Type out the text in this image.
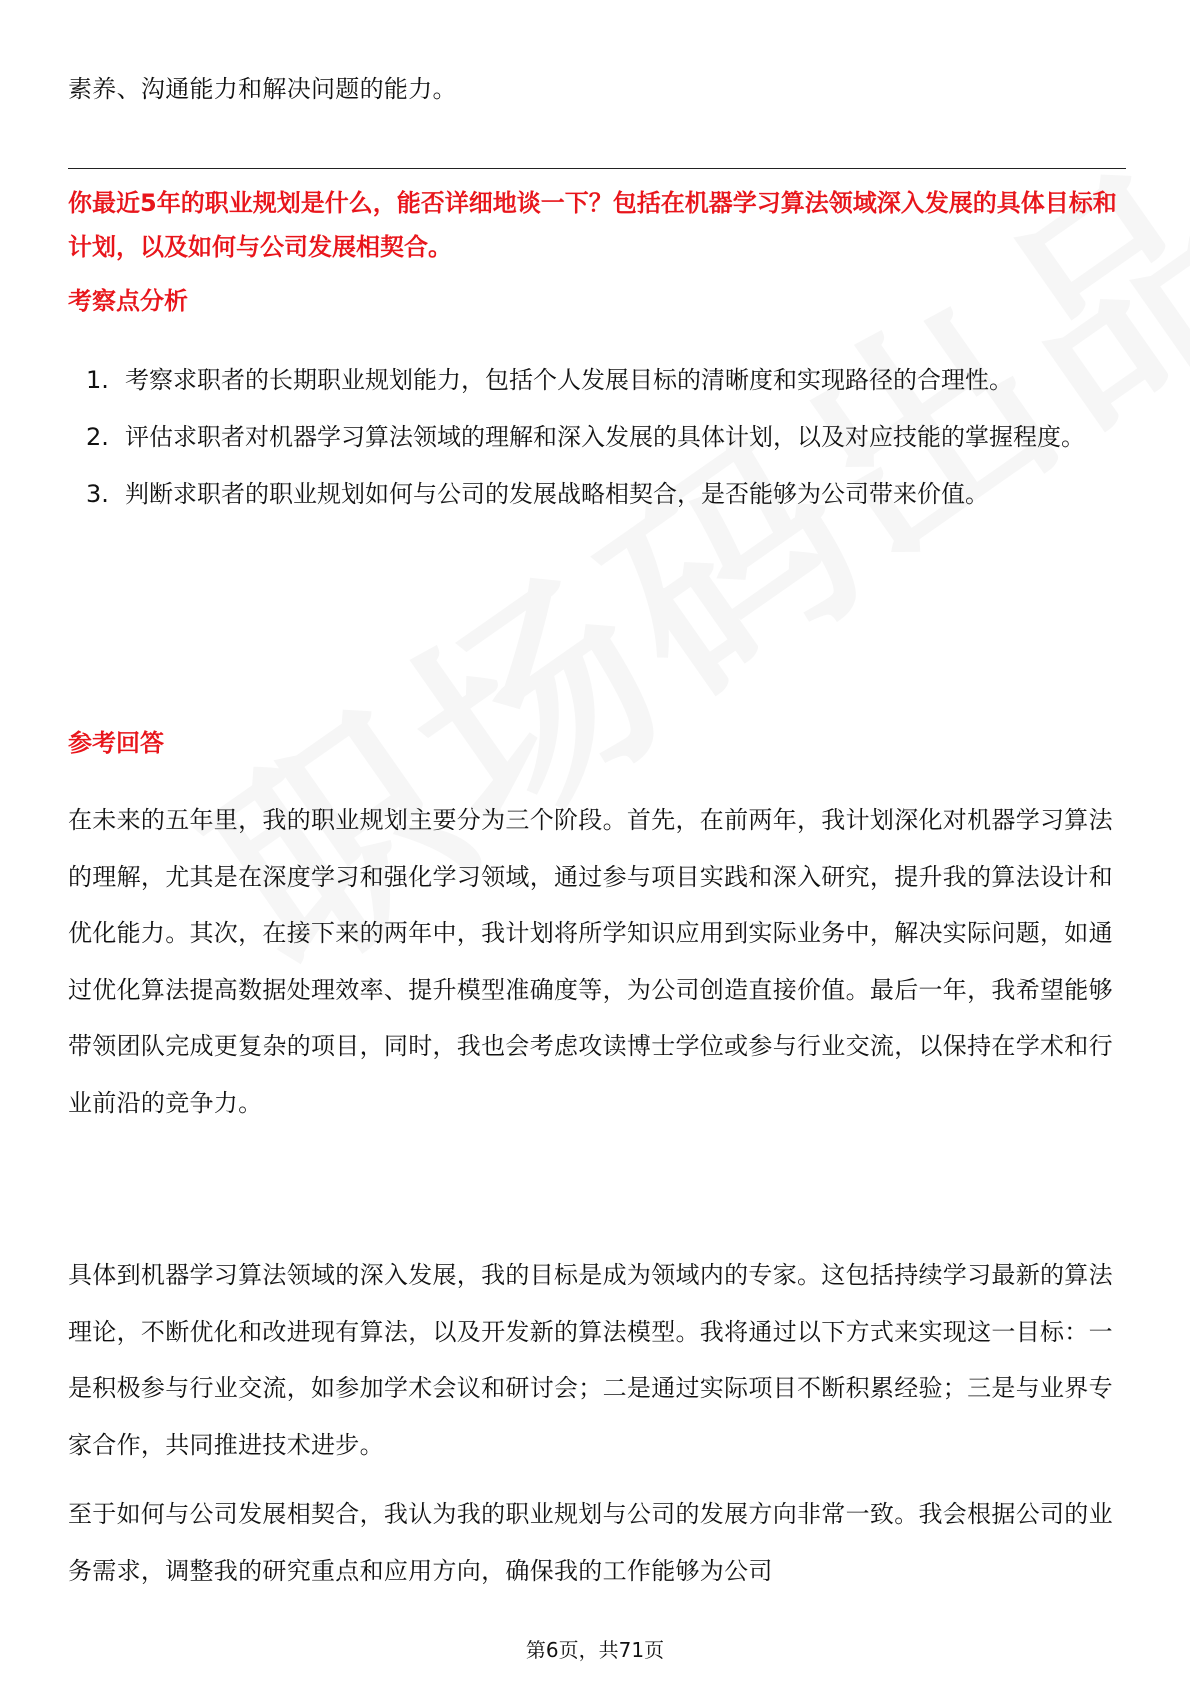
素养、沟通能力和解决问题的能力。
你最近5年的职业规划是什么，能否详细地谈一下？包括在机器学习算法领域深入发展的具体目标和计划，以及如何与公司发展相契合。
考察点分析
1. 考察求职者的长期职业规划能力，包括个人发展目标的清晰度和实现路径的合理性。
2. 评估求职者对机器学习算法领域的理解和深入发展的具体计划，以及对应技能的掌握程度。
3. 判断求职者的职业规划如何与公司的发展战略相契合，是否能够为公司带来价值。
参考回答
在未来的五年里，我的职业规划主要分为三个阶段。首先，在前两年，我计划深化对机器学习算法的理解，尤其是在深度学习和强化学习领域，通过参与项目实践和深入研究，提升我的算法设计和优化能力。其次，在接下来的两年中，我计划将所学知识应用到实际业务中，解决实际问题，如通过优化算法提高数据处理效率、提升模型准确度等，为公司创造直接价值。最后一年，我希望能够带领团队完成更复杂的项目，同时，我也会考虑攻读博士学位或参与行业交流，以保持在学术和行业前沿的竞争力。
具体到机器学习算法领域的深入发展，我的目标是成为领域内的专家。这包括持续学习最新的算法理论，不断优化和改进现有算法，以及开发新的算法模型。我将通过以下方式来实现这一目标：一是积极参与行业交流，如参加学术会议和研讨会；二是通过实际项目不断积累经验；三是与业界专家合作，共同推进技术进步。
至于如何与公司发展相契合，我认为我的职业规划与公司的发展方向非常一致。我会根据公司的业务需求，调整我的研究重点和应用方向，确保我的工作能够为公司
第6页，共71页
